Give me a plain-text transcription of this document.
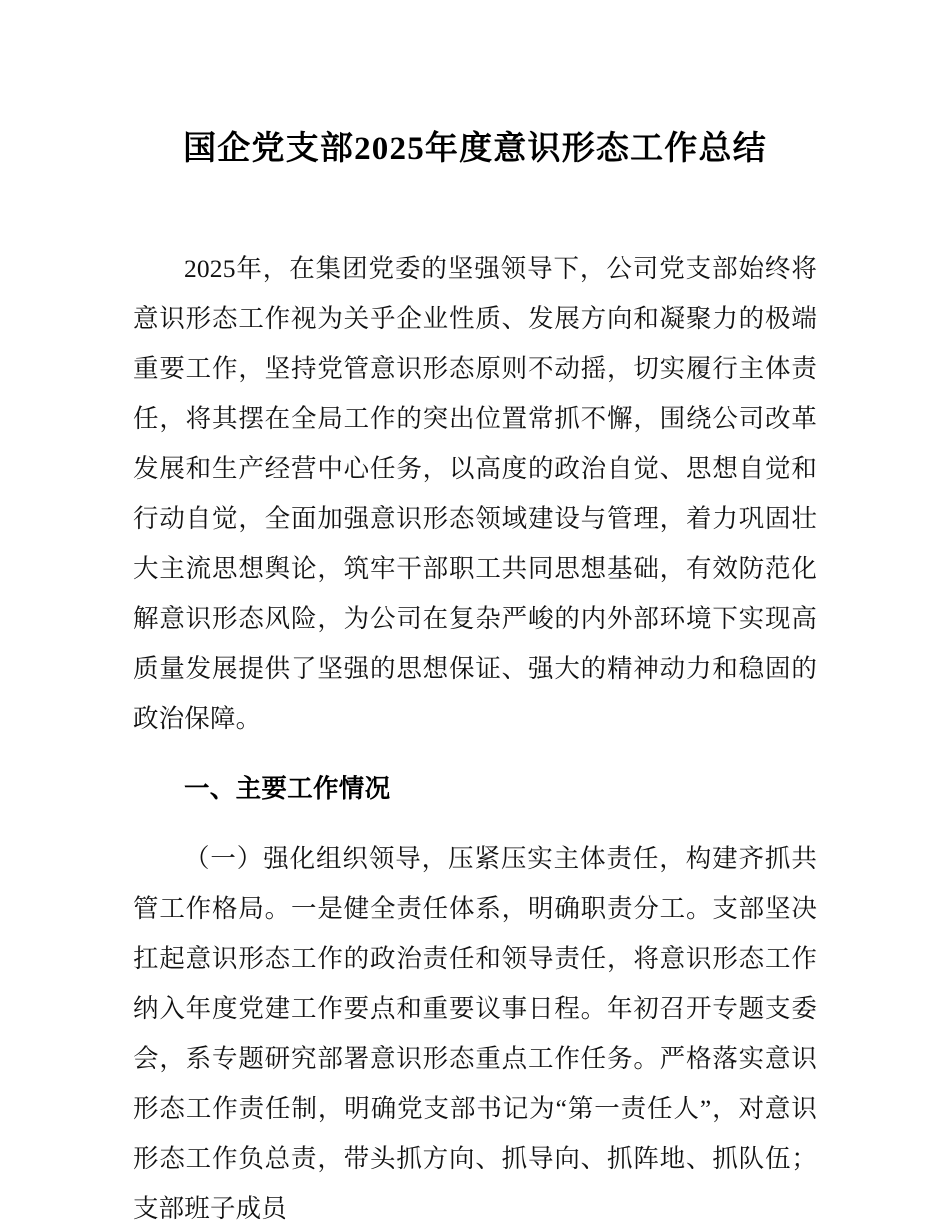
国企党支部2025年度意识形态工作总结

2025年，在集团党委的坚强领导下，公司党支部始终将意识形态工作视为关乎企业性质、发展方向和凝聚力的极端重要工作，坚持党管意识形态原则不动摇，切实履行主体责任，将其摆在全局工作的突出位置常抓不懈，围绕公司改革发展和生产经营中心任务，以高度的政治自觉、思想自觉和行动自觉，全面加强意识形态领域建设与管理，着力巩固壮大主流思想舆论，筑牢干部职工共同思想基础，有效防范化解意识形态风险，为公司在复杂严峻的内外部环境下实现高质量发展提供了坚强的思想保证、强大的精神动力和稳固的政治保障。

一、主要工作情况

（一）强化组织领导，压紧压实主体责任，构建齐抓共管工作格局。一是健全责任体系，明确职责分工。支部坚决扛起意识形态工作的政治责任和领导责任，将意识形态工作纳入年度党建工作要点和重要议事日程。年初召开专题支委会，系专题研究部署意识形态重点工作任务。严格落实意识形态工作责任制，明确党支部书记为“第一责任人”，对意识形态工作负总责，带头抓方向、抓导向、抓阵地、抓队伍；支部班子成员
